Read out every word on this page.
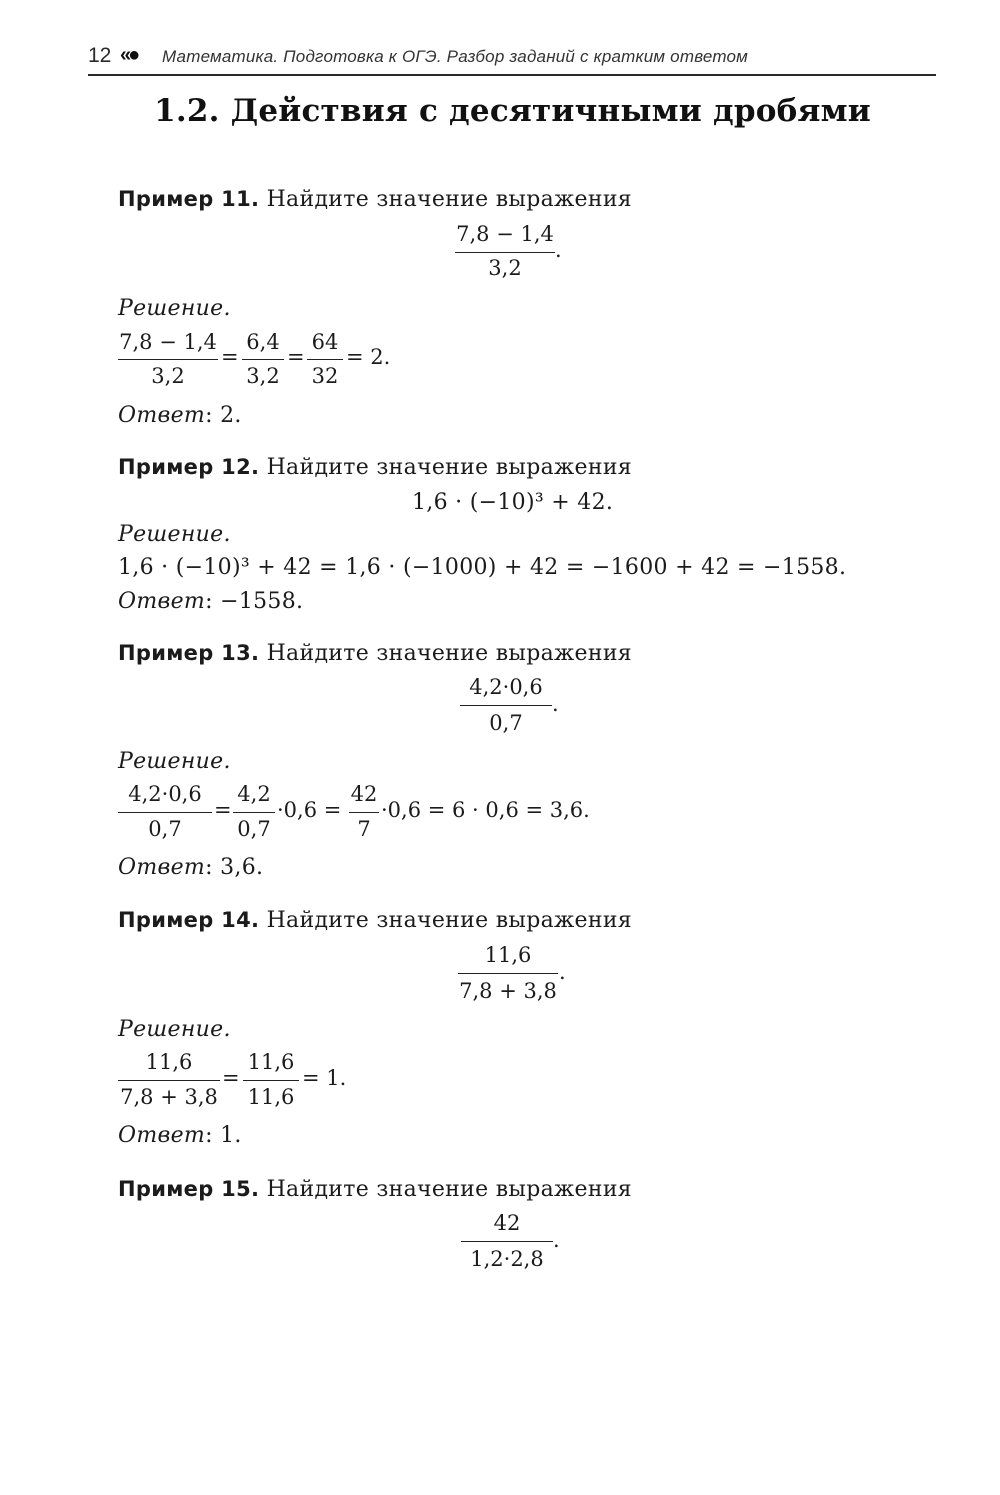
12 «● Математика. Подготовка к ОГЭ. Разбор заданий с кратким ответом
1.2. Действия с десятичными дробями
Пример 11. Найдите значение выражения
7,8 − 1,4
3,2
.
Решение.
7,8 − 1,4
3,2
=
6,4
3,2
=
64
32
= 2.
Ответ: 2.
Пример 12. Найдите значение выражения
1,6 · (−10)³ + 42.
Решение.
1,6 · (−10)³ + 42 = 1,6 · (−1000) + 42 = −1600 + 42 = −1558.
Ответ: −1558.
Пример 13. Найдите значение выражения
4,2·0,6
0,7
.
Решение.
4,2·0,6
0,7
=
4,2
0,7
·0,6 =
42
7
·0,6 = 6 · 0,6 = 3,6.
Ответ: 3,6.
Пример 14. Найдите значение выражения
11,6
7,8 + 3,8
.
Решение.
11,6
7,8 + 3,8
=
11,6
11,6
= 1.
Ответ: 1.
Пример 15. Найдите значение выражения
42
1,2·2,8
.
